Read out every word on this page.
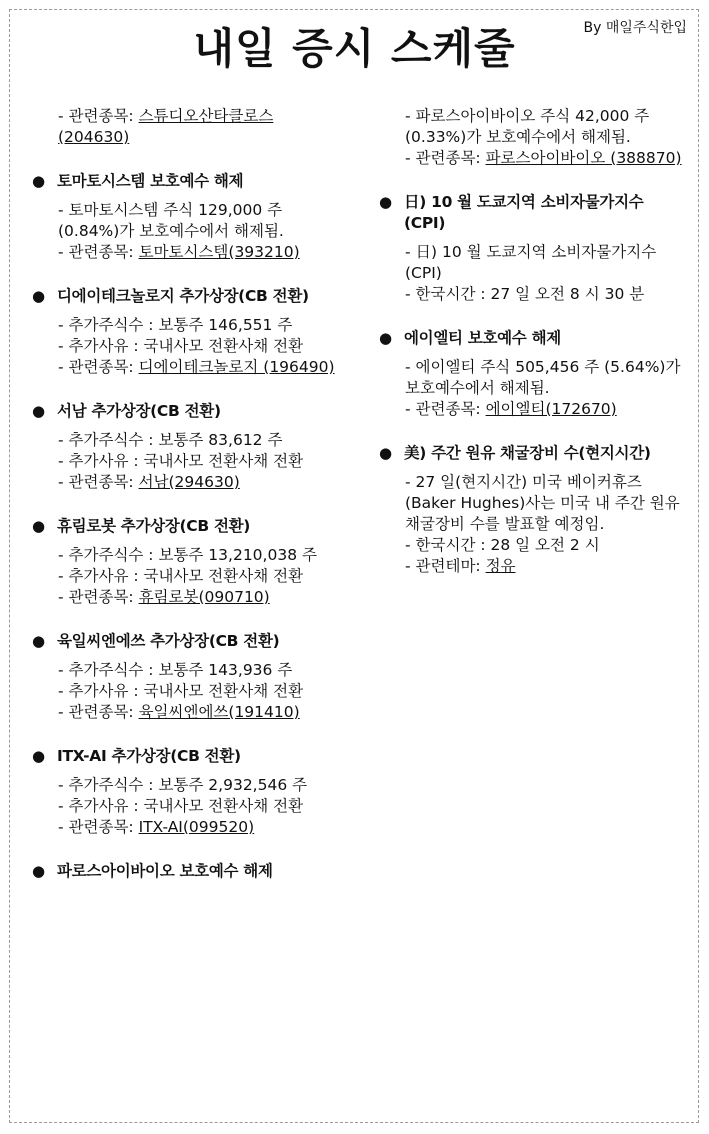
내일 증시 스케줄	By 매일주식한입
- 관련종목: 스튜디오산타클로스 (204630)
● 토마토시스템 보호예수 해제
- 토마토시스템 주식 129,000 주 (0.84%)가 보호예수에서 해제됨.
- 관련종목: 토마토시스템(393210)
● 디에이테크놀로지 추가상장(CB 전환)
- 추가주식수 : 보통주 146,551 주
- 추가사유 : 국내사모 전환사채 전환
- 관련종목: 디에이테크놀로지 (196490)
● 서남 추가상장(CB 전환)
- 추가주식수 : 보통주 83,612 주
- 추가사유 : 국내사모 전환사채 전환
- 관련종목: 서남(294630)
● 휴림로봇 추가상장(CB 전환)
- 추가주식수 : 보통주 13,210,038 주
- 추가사유 : 국내사모 전환사채 전환
- 관련종목: 휴림로봇(090710)
● 육일씨엔에쓰 추가상장(CB 전환)
- 추가주식수 : 보통주 143,936 주
- 추가사유 : 국내사모 전환사채 전환
- 관련종목: 육일씨엔에쓰(191410)
● ITX-AI 추가상장(CB 전환)
- 추가주식수 : 보통주 2,932,546 주
- 추가사유 : 국내사모 전환사채 전환
- 관련종목: ITX-AI(099520)
● 파로스아이바이오 보호예수 해제
- 파로스아이바이오 주식 42,000 주(0.33%)가 보호예수에서 해제됨.
- 관련종목: 파로스아이바이오 (388870)
● 日) 10 월 도쿄지역 소비자물가지수 (CPI)
- 日) 10 월 도쿄지역 소비자물가지수(CPI)
- 한국시간 : 27 일 오전 8 시 30 분
● 에이엘티 보호예수 해제
- 에이엘티 주식 505,456 주 (5.64%)가 보호예수에서 해제됨.
- 관련종목: 에이엘티(172670)
● 美) 주간 원유 채굴장비 수(현지시간)
- 27 일(현지시간) 미국 베이커휴즈 (Baker Hughes)사는 미국 내 주간 원유 채굴장비 수를 발표할 예정임.
- 한국시간 : 28 일 오전 2 시
- 관련테마: 정유
